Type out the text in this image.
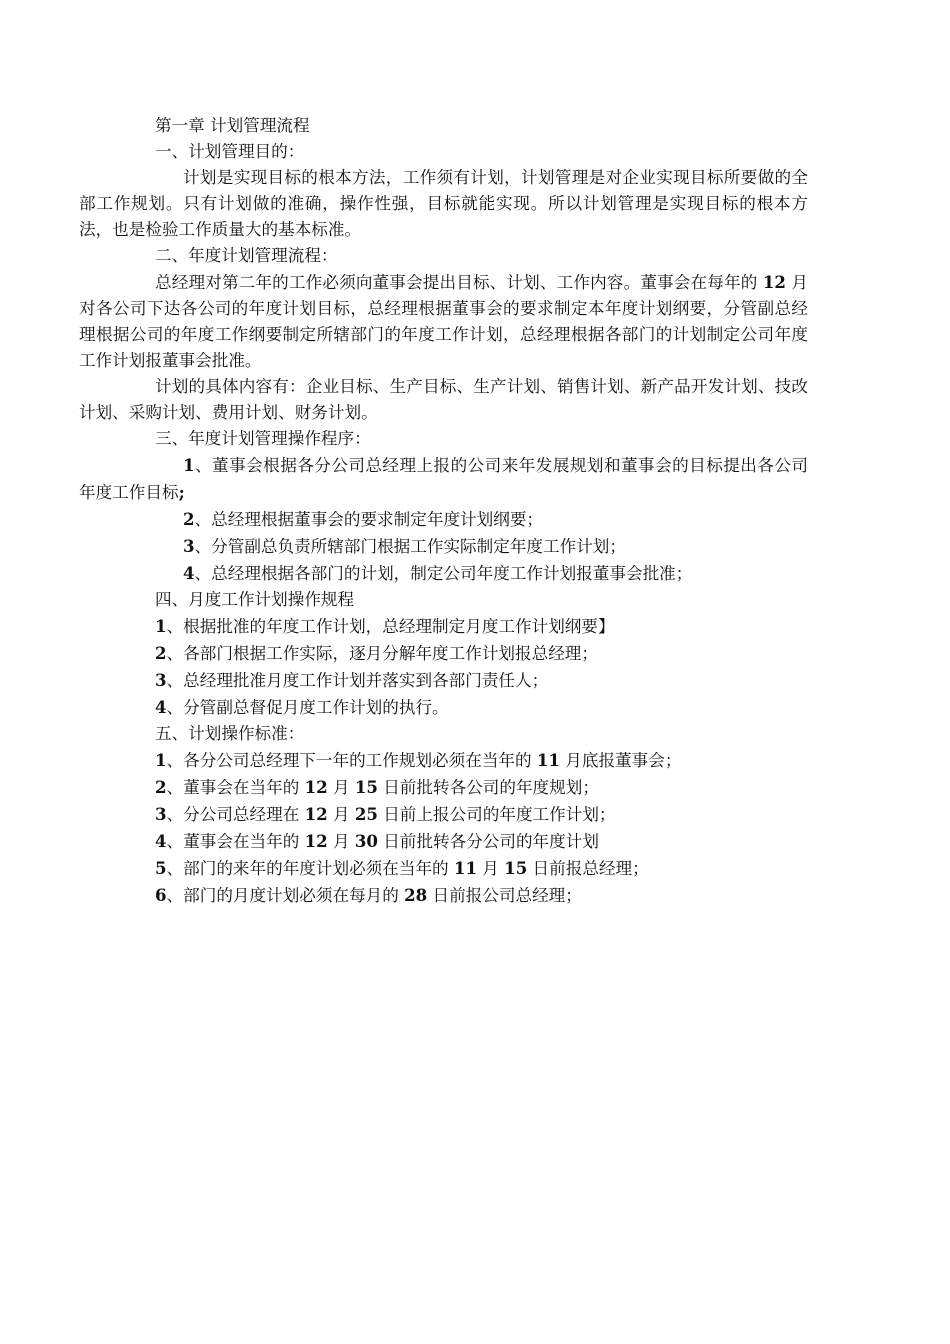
第一章 计划管理流程

一、计划管理目的：

计划是实现目标的根本方法，工作须有计划，计划管理是对企业实现目标所要做的全部工作规划。只有计划做的准确，操作性强，目标就能实现。所以计划管理是实现目标的根本方法，也是检验工作质量大的基本标准。

二、年度计划管理流程：

总经理对第二年的工作必须向董事会提出目标、计划、工作内容。董事会在每年的 12 月对各公司下达各公司的年度计划目标，总经理根据董事会的要求制定本年度计划纲要，分管副总经理根据公司的年度工作纲要制定所辖部门的年度工作计划，总经理根据各部门的计划制定公司年度工作计划报董事会批准。

计划的具体内容有：企业目标、生产目标、生产计划、销售计划、新产品开发计划、技改计划、采购计划、费用计划、财务计划。

三、年度计划管理操作程序：

1、董事会根据各分公司总经理上报的公司来年发展规划和董事会的目标提出各公司年度工作目标;

2、总经理根据董事会的要求制定年度计划纲要；

3、分管副总负责所辖部门根据工作实际制定年度工作计划；

4、总经理根据各部门的计划，制定公司年度工作计划报董事会批准；

四、月度工作计划操作规程

1、根据批准的年度工作计划，总经理制定月度工作计划纲要】

2、各部门根据工作实际，逐月分解年度工作计划报总经理；

3、总经理批准月度工作计划并落实到各部门责任人；

4、分管副总督促月度工作计划的执行。

五、计划操作标准：

1、各分公司总经理下一年的工作规划必须在当年的 11 月底报董事会；

2、董事会在当年的 12 月 15 日前批转各公司的年度规划；

3、分公司总经理在 12 月 25 日前上报公司的年度工作计划；

4、董事会在当年的 12 月 30 日前批转各分公司的年度计划

5、部门的来年的年度计划必须在当年的 11 月 15 日前报总经理；

6、部门的月度计划必须在每月的 28 日前报公司总经理；
